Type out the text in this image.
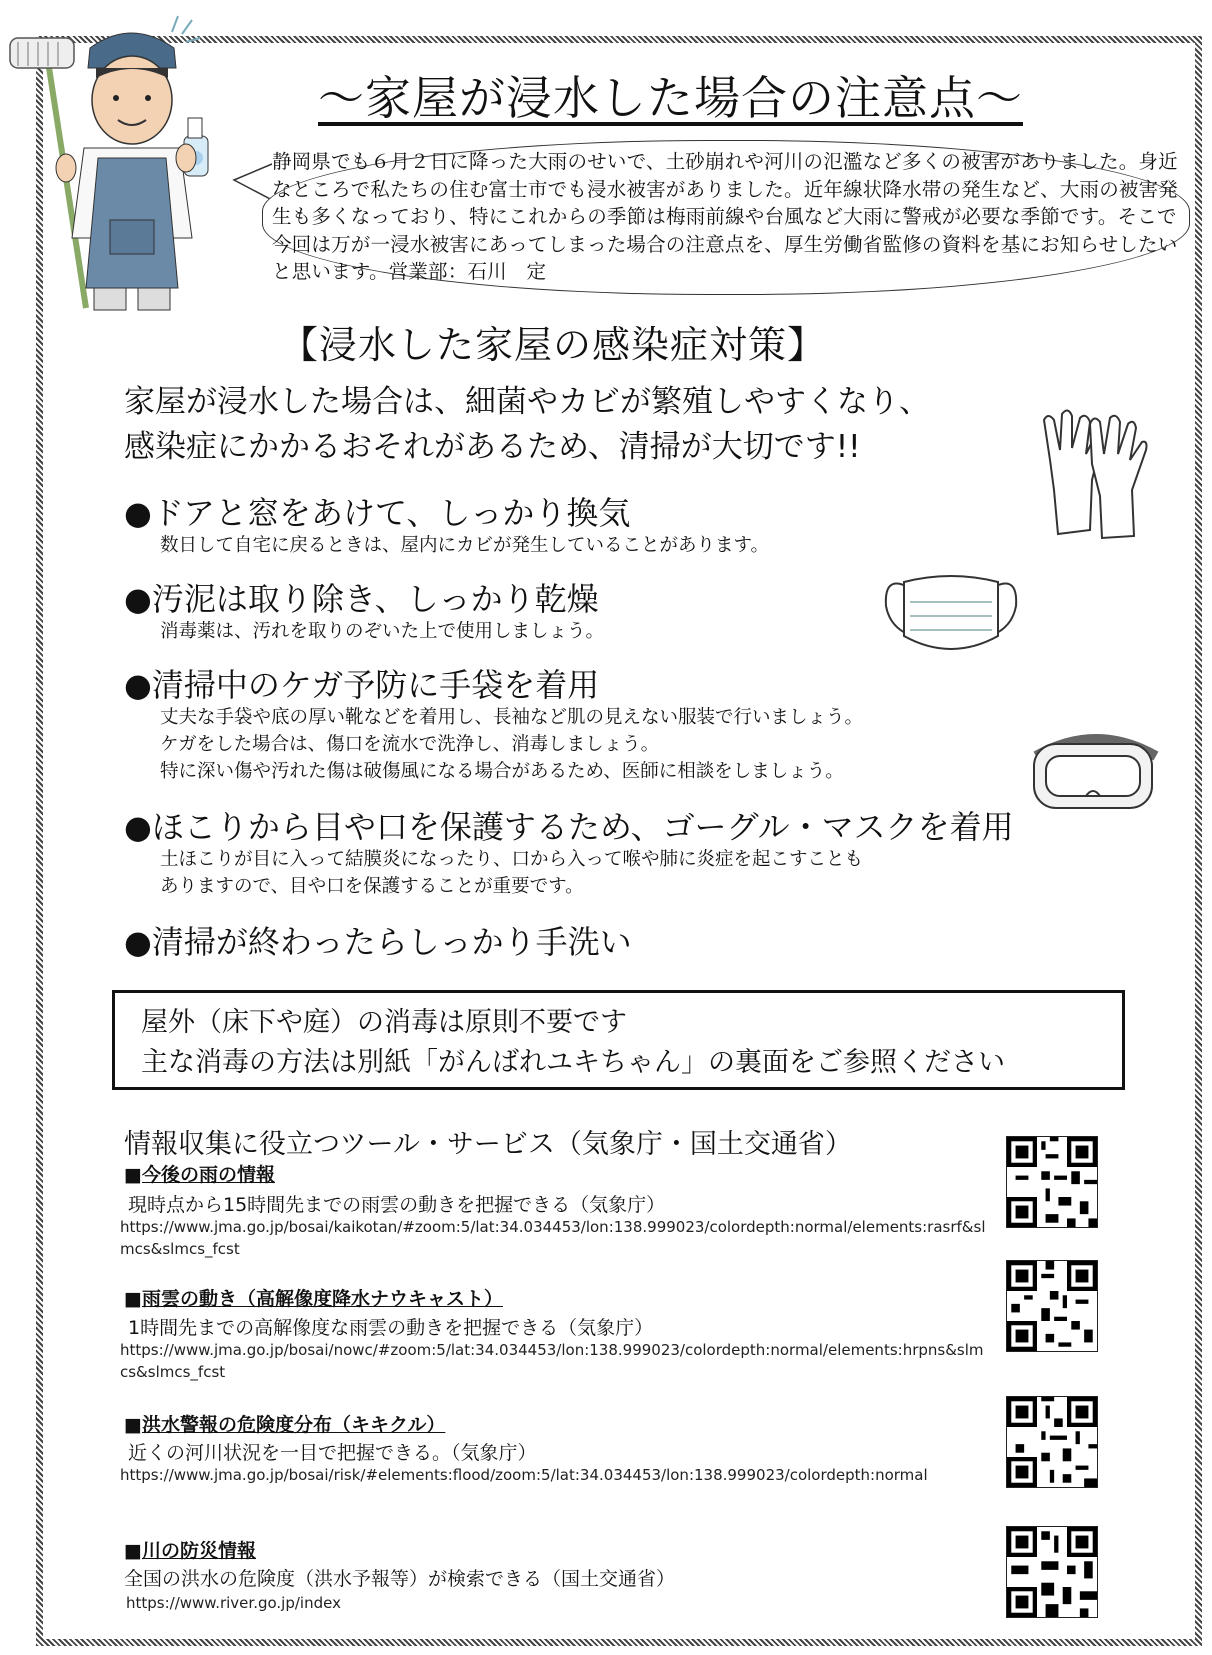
～家屋が浸水した場合の注意点～

静岡県でも６月２日に降った大雨のせいで、土砂崩れや河川の氾濫など多くの被害がありました。身近なところで私たちの住む富士市でも浸水被害がありました。近年線状降水帯の発生など、大雨の被害発生も多くなっており、特にこれからの季節は梅雨前線や台風など大雨に警戒が必要な季節です。そこで今回は万が一浸水被害にあってしまった場合の注意点を、厚生労働省監修の資料を基にお知らせしたいと思います。営業部：石川　定

【浸水した家屋の感染症対策】
家屋が浸水した場合は、細菌やカビが繁殖しやすくなり、
感染症にかかるおそれがあるため、清掃が大切です!!
●ドアと窓をあけて、しっかり換気
数日して自宅に戻るときは、屋内にカビが発生していることがあります。
●汚泥は取り除き、しっかり乾燥
消毒薬は、汚れを取りのぞいた上で使用しましょう。
●清掃中のケガ予防に手袋を着用
丈夫な手袋や底の厚い靴などを着用し、長袖など肌の見えない服装で行いましょう。
ケガをした場合は、傷口を流水で洗浄し、消毒しましょう。
特に深い傷や汚れた傷は破傷風になる場合があるため、医師に相談をしましょう。
●ほこりから目や口を保護するため、ゴーグル・マスクを着用
土ほこりが目に入って結膜炎になったり、口から入って喉や肺に炎症を起こすことも
ありますので、目や口を保護することが重要です。
●清掃が終わったらしっかり手洗い
屋外（床下や庭）の消毒は原則不要です
主な消毒の方法は別紙「がんばれユキちゃん」の裏面をご参照ください
情報収集に役立つツール・サービス（気象庁・国土交通省）
■今後の雨の情報
現時点から15時間先までの雨雲の動きを把握できる（気象庁）
https://www.jma.go.jp/bosai/kaikotan/#zoom:5/lat:34.034453/lon:138.999023/colordepth:normal/elements:rasrf&slmcs&slmcs_fcst
■雨雲の動き（高解像度降水ナウキャスト）
1時間先までの高解像度な雨雲の動きを把握できる（気象庁）
https://www.jma.go.jp/bosai/nowc/#zoom:5/lat:34.034453/lon:138.999023/colordepth:normal/elements:hrpns&slmcs&slmcs_fcst
■洪水警報の危険度分布（キキクル）
近くの河川状況を一目で把握できる。（気象庁）
https://www.jma.go.jp/bosai/risk/#elements:flood/zoom:5/lat:34.034453/lon:138.999023/colordepth:normal
■川の防災情報
全国の洪水の危険度（洪水予報等）が検索できる（国土交通省）
https://www.river.go.jp/index
